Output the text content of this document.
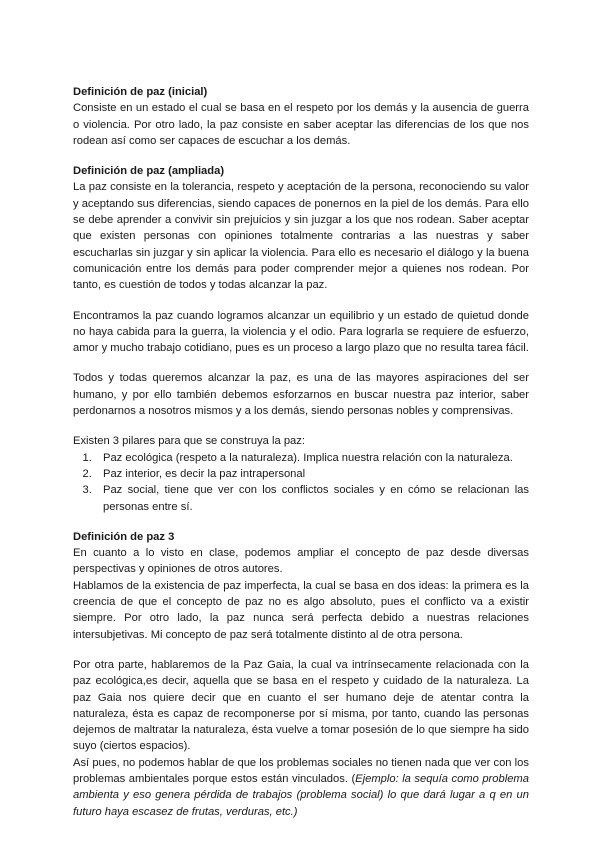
Definición de paz (inicial)

Consiste en un estado el cual se basa en el respeto por los demás y la ausencia de guerra o violencia. Por otro lado, la paz consiste en saber aceptar las diferencias de los que nos rodean así como ser capaces de escuchar a los demás.

Definición de paz (ampliada)

La paz consiste en la tolerancia, respeto y aceptación de la persona, reconociendo su valor y aceptando sus diferencias, siendo capaces de ponernos en la piel de los demás. Para ello se debe aprender a convivir sin prejuicios y sin juzgar a los que nos rodean. Saber aceptar que existen personas con opiniones totalmente contrarias a las nuestras y saber escucharlas sin juzgar y sin aplicar la violencia. Para ello es necesario el diálogo y la buena comunicación entre los demás para poder comprender mejor a quienes nos rodean. Por tanto, es cuestión de todos y todas alcanzar la paz.

Encontramos la paz cuando logramos alcanzar un equilibrio y un estado de quietud donde no haya cabida para la guerra, la violencia y el odio. Para lograrla se requiere de esfuerzo, amor y mucho trabajo cotidiano, pues es un proceso a largo plazo que no resulta tarea fácil.

Todos y todas queremos alcanzar la paz, es una de las mayores aspiraciones del ser humano, y por ello también debemos esforzarnos en buscar nuestra paz interior, saber perdonarnos a nosotros mismos y a los demás, siendo personas nobles y comprensivas.

Existen 3 pilares para que se construya la paz:

1. Paz ecológica (respeto a la naturaleza). Implica nuestra relación con la naturaleza.
2. Paz interior, es decir la paz intrapersonal
3. Paz social, tiene que ver con los conflictos sociales y en cómo se relacionan las personas entre sí.

Definición de paz 3

En cuanto a lo visto en clase, podemos ampliar el concepto de paz desde diversas perspectivas y opiniones de otros autores.

Hablamos de la existencia de paz imperfecta, la cual se basa en dos ideas: la primera es la creencia de que el concepto de paz no es algo absoluto, pues el conflicto va a existir siempre. Por otro lado, la paz nunca será perfecta debido a nuestras relaciones intersubjetivas. Mi concepto de paz será totalmente distinto al de otra persona.

Por otra parte, hablaremos de la Paz Gaia, la cual va intrínsecamente relacionada con la paz ecológica,es decir, aquella que se basa en el respeto y cuidado de la naturaleza. La paz Gaia nos quiere decir que en cuanto el ser humano deje de atentar contra la naturaleza, ésta es capaz de recomponerse por sí misma, por tanto, cuando las personas dejemos de maltratar la naturaleza, ésta vuelve a tomar posesión de lo que siempre ha sido suyo (ciertos espacios).

Así pues, no podemos hablar de que los problemas sociales no tienen nada que ver con los problemas ambientales porque estos están vinculados. (Ejemplo: la sequía como problema ambienta y eso genera pérdida de trabajos (problema social) lo que dará lugar a q en un futuro haya escasez de frutas, verduras, etc.)
